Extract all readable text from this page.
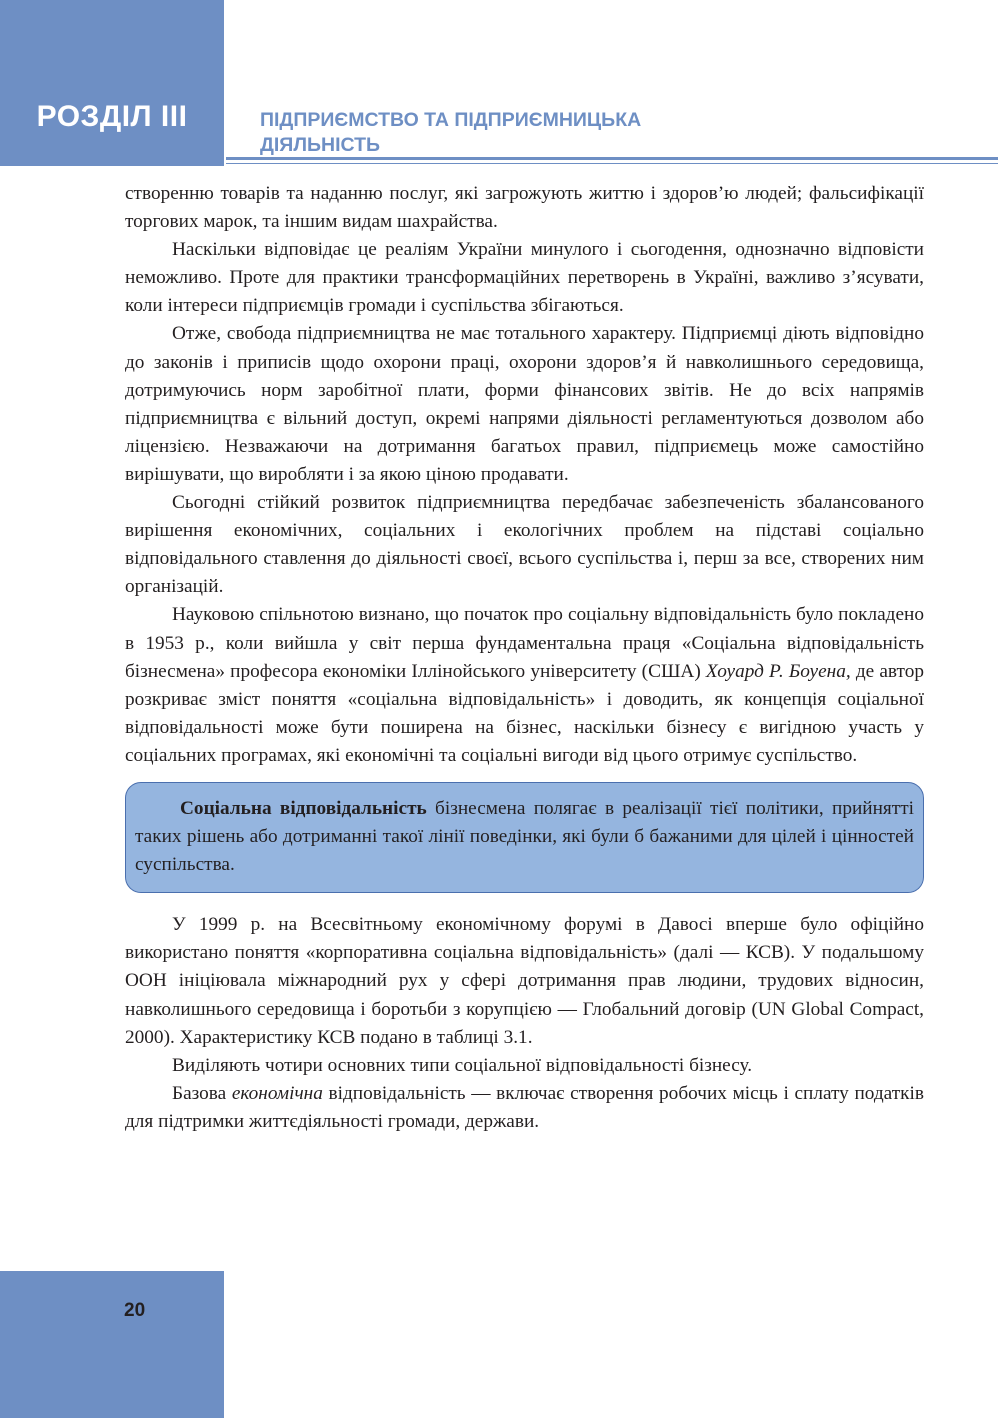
РОЗДІЛ ІІІ	ПІДПРИЄМСТВО ТА ПІДПРИЄМНИЦЬКА
ДІЯЛЬНІСТЬ

створенню товарів та наданню послуг, які загрожують життю і здоров’ю людей; фальсифікації торгових марок, та іншим видам шахрайства.

Наскільки відповідає це реаліям України минулого і сьогодення, однозначно відповісти неможливо. Проте для практики трансформаційних перетворень в Україні, важливо з’ясувати, коли інтереси підприємців громади і суспільства збігаються.

Отже, свобода підприємництва не має тотального характеру. Підприємці діють відповідно до законів і приписів щодо охорони праці, охорони здоров’я й навколишнього середовища, дотримуючись норм заробітної плати, форми фінансових звітів. Не до всіх напрямів підприємництва є вільний доступ, окремі напрями діяльності регламентуються дозволом або ліцензією. Незважаючи на дотримання багатьох правил, підприємець може самостійно вирішувати, що виробляти і за якою ціною продавати.

Сьогодні стійкий розвиток підприємництва передбачає забезпеченість збалансованого вирішення економічних, соціальних і екологічних проблем на підставі соціально відповідального ставлення до діяльності своєї, всього суспільства і, перш за все, створених ним організацій.

Науковою спільнотою визнано, що початок про соціальну відповідальність було покладено в 1953 р., коли вийшла у світ перша фундаментальна праця «Соціальна відповідальність бізнесмена» професора економіки Іллінойського університету (США) Хоуард Р. Боуена, де автор розкриває зміст поняття «соціальна відповідальність» і доводить, як концепція соціальної відповідальності може бути поширена на бізнес, наскільки бізнесу є вигідною участь у соціальних програмах, які економічні та соціальні вигоди від цього отримує суспільство.

Соціальна відповідальність бізнесмена полягає в реалізації тієї політики, прийнятті таких рішень або дотриманні такої лінії поведінки, які були б бажаними для цілей і цінностей суспільства.

У 1999 р. на Всесвітньому економічному форумі в Давосі вперше було офіційно використано поняття «корпоративна соціальна відповідальність» (далі — КСВ). У подальшому ООН ініціювала міжнародний рух у сфері дотримання прав людини, трудових відносин, навколишнього середовища і боротьби з корупцією — Глобальний договір (UN Global Compact, 2000). Характеристику КСВ подано в таблиці 3.1.

Виділяють чотири основних типи соціальної відповідальності бізнесу.

Базова економічна відповідальність — включає створення робочих місць і сплату податків для підтримки життєдіяльності громади, держави.

20
